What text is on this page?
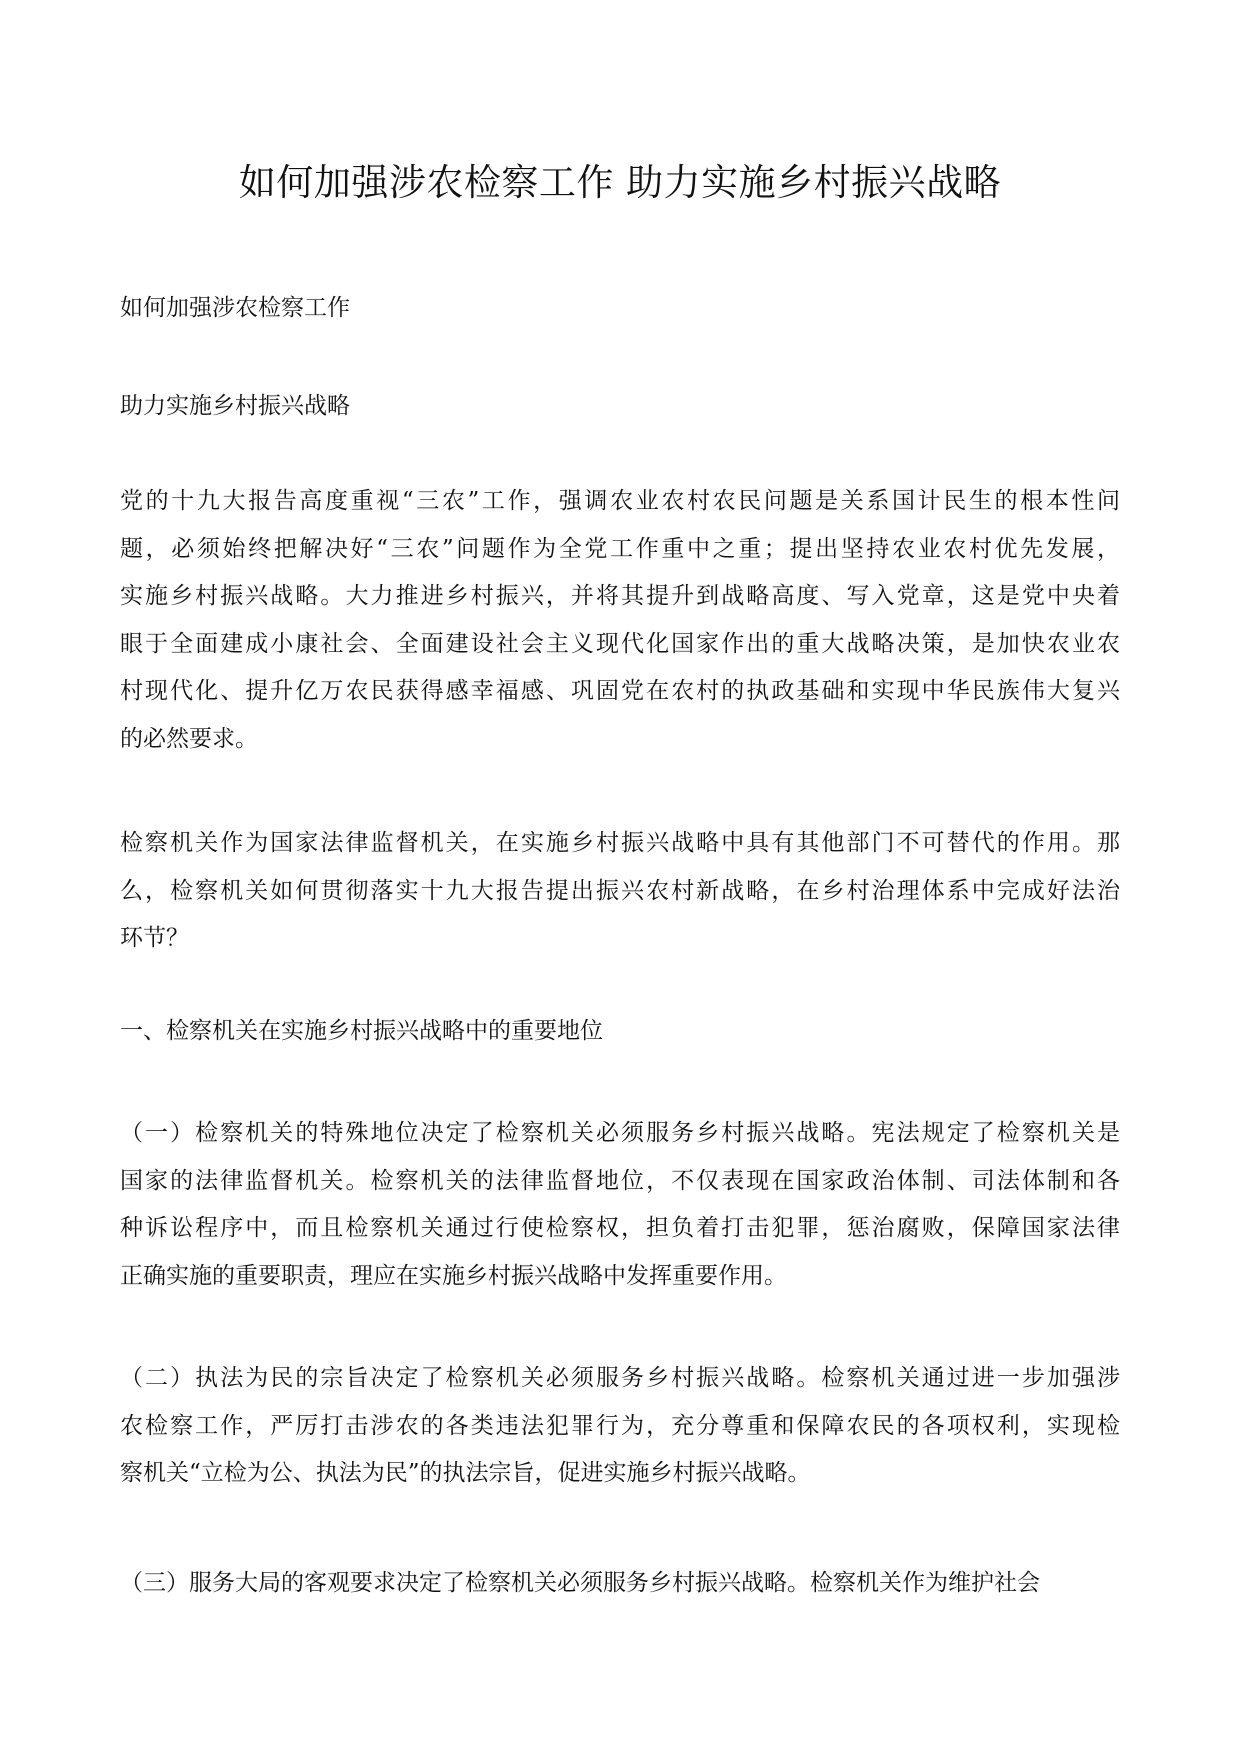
如何加强涉农检察工作 助力实施乡村振兴战略

如何加强涉农检察工作

助力实施乡村振兴战略

党的十九大报告高度重视“三农”工作，强调农业农村农民问题是关系国计民生的根本性问
题，必须始终把解决好“三农”问题作为全党工作重中之重；提出坚持农业农村优先发展，
实施乡村振兴战略。大力推进乡村振兴，并将其提升到战略高度、写入党章，这是党中央着
眼于全面建成小康社会、全面建设社会主义现代化国家作出的重大战略决策，是加快农业农
村现代化、提升亿万农民获得感幸福感、巩固党在农村的执政基础和实现中华民族伟大复兴
的必然要求。
检察机关作为国家法律监督机关，在实施乡村振兴战略中具有其他部门不可替代的作用。那
么，检察机关如何贯彻落实十九大报告提出振兴农村新战略，在乡村治理体系中完成好法治
环节？

一、检察机关在实施乡村振兴战略中的重要地位

（一）检察机关的特殊地位决定了检察机关必须服务乡村振兴战略。宪法规定了检察机关是
国家的法律监督机关。检察机关的法律监督地位，不仅表现在国家政治体制、司法体制和各
种诉讼程序中，而且检察机关通过行使检察权，担负着打击犯罪，惩治腐败，保障国家法律
正确实施的重要职责，理应在实施乡村振兴战略中发挥重要作用。
（二）执法为民的宗旨决定了检察机关必须服务乡村振兴战略。检察机关通过进一步加强涉
农检察工作，严厉打击涉农的各类违法犯罪行为，充分尊重和保障农民的各项权利，实现检
察机关“立检为公、执法为民”的执法宗旨，促进实施乡村振兴战略。
（三）服务大局的客观要求决定了检察机关必须服务乡村振兴战略。检察机关作为维护社会
